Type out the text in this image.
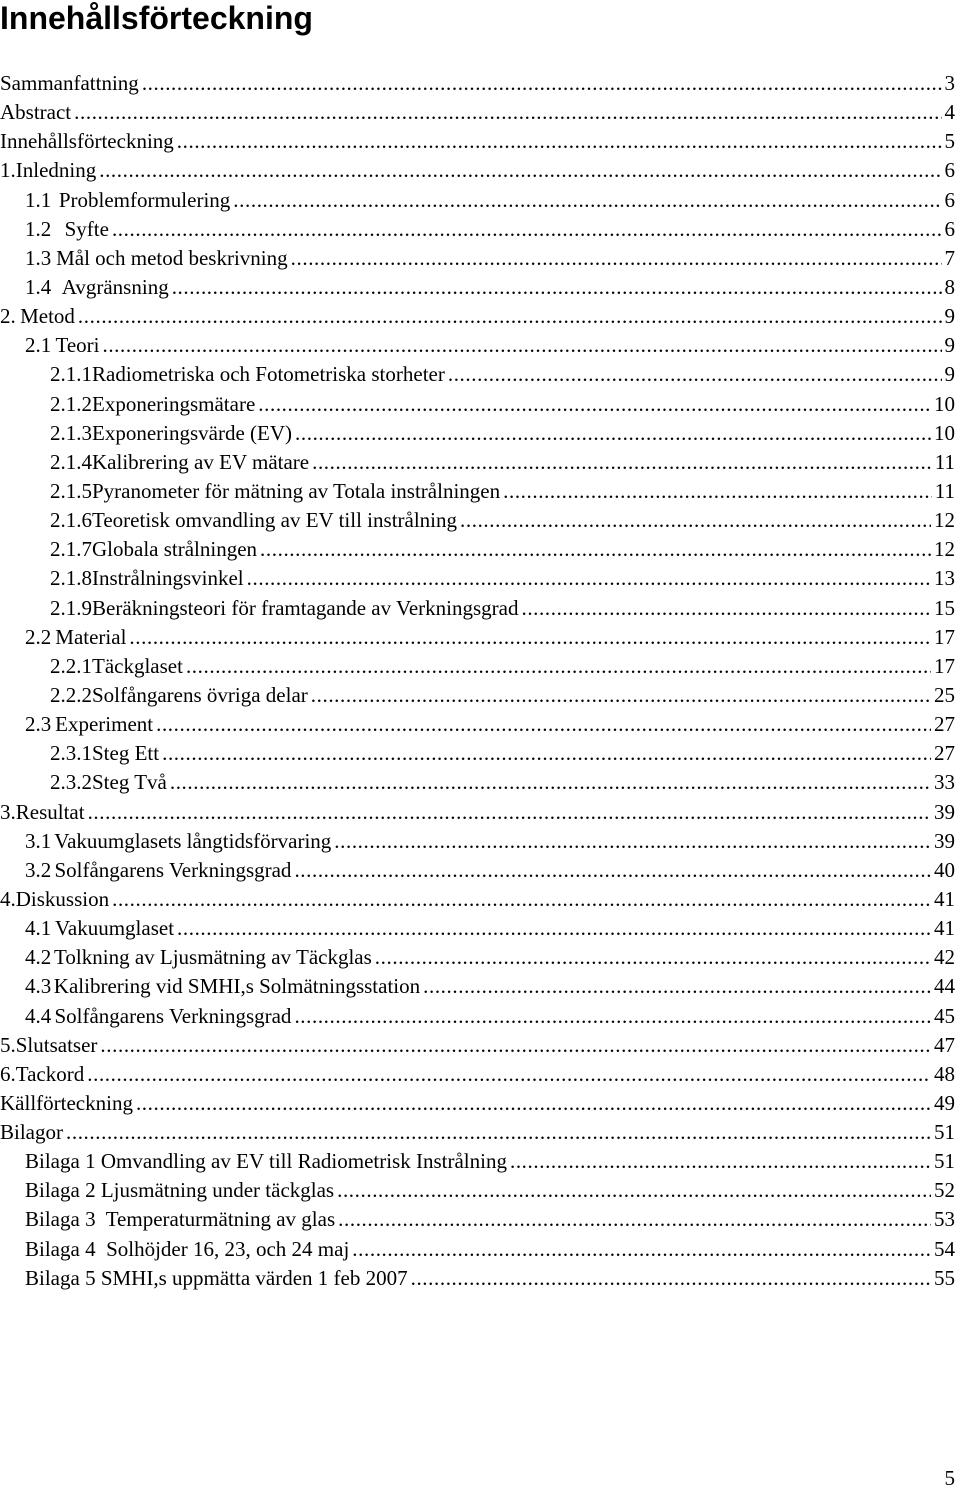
Innehållsförteckning
Sammanfattning .....	3
Abstract .....	4
Innehållsförteckning .....	5
1. Inledning .....	6
1.1 Problemformulering .....	6
1.2 Syfte .....	6
1.3 Mål och metod beskrivning .....	7
1.4 Avgränsning .....	8
2. Metod .....	9
2.1 Teori .....	9
2.1.1 Radiometriska och Fotometriska storheter .....	9
2.1.2 Exponeringsmätare .....	10
2.1.3 Exponeringsvärde (EV) .....	10
2.1.4 Kalibrering av EV mätare .....	11
2.1.5 Pyranometer för mätning av Totala instrålningen .....	11
2.1.6 Teoretisk omvandling av EV till instrålning .....	12
2.1.7 Globala strålningen .....	12
2.1.8 Instrålningsvinkel .....	13
2.1.9 Beräkningsteori för framtagande av Verkningsgrad .....	15
2.2 Material .....	17
2.2.1 Täckglaset .....	17
2.2.2 Solfångarens övriga delar .....	25
2.3 Experiment .....	27
2.3.1 Steg Ett .....	27
2.3.2 Steg Två .....	33
3. Resultat .....	39
3.1 Vakuumglasets långtidsförvaring .....	39
3.2 Solfångarens Verkningsgrad .....	40
4. Diskussion .....	41
4.1 Vakuumglaset .....	41
4.2 Tolkning av Ljusmätning av Täckglas .....	42
4.3 Kalibrering vid SMHI,s Solmätningsstation .....	44
4.4 Solfångarens Verkningsgrad .....	45
5. Slutsatser .....	47
6. Tackord .....	48
Källförteckning .....	49
Bilagor .....	51
Bilaga 1 Omvandling av EV till Radiometrisk Instrålning .....	51
Bilaga 2 Ljusmätning under täckglas .....	52
Bilaga 3  Temperaturmätning av glas .....	53
Bilaga 4  Solhöjder 16, 23, och 24 maj .....	54
Bilaga 5 SMHI,s uppmätta värden 1 feb 2007 .....	55
5
